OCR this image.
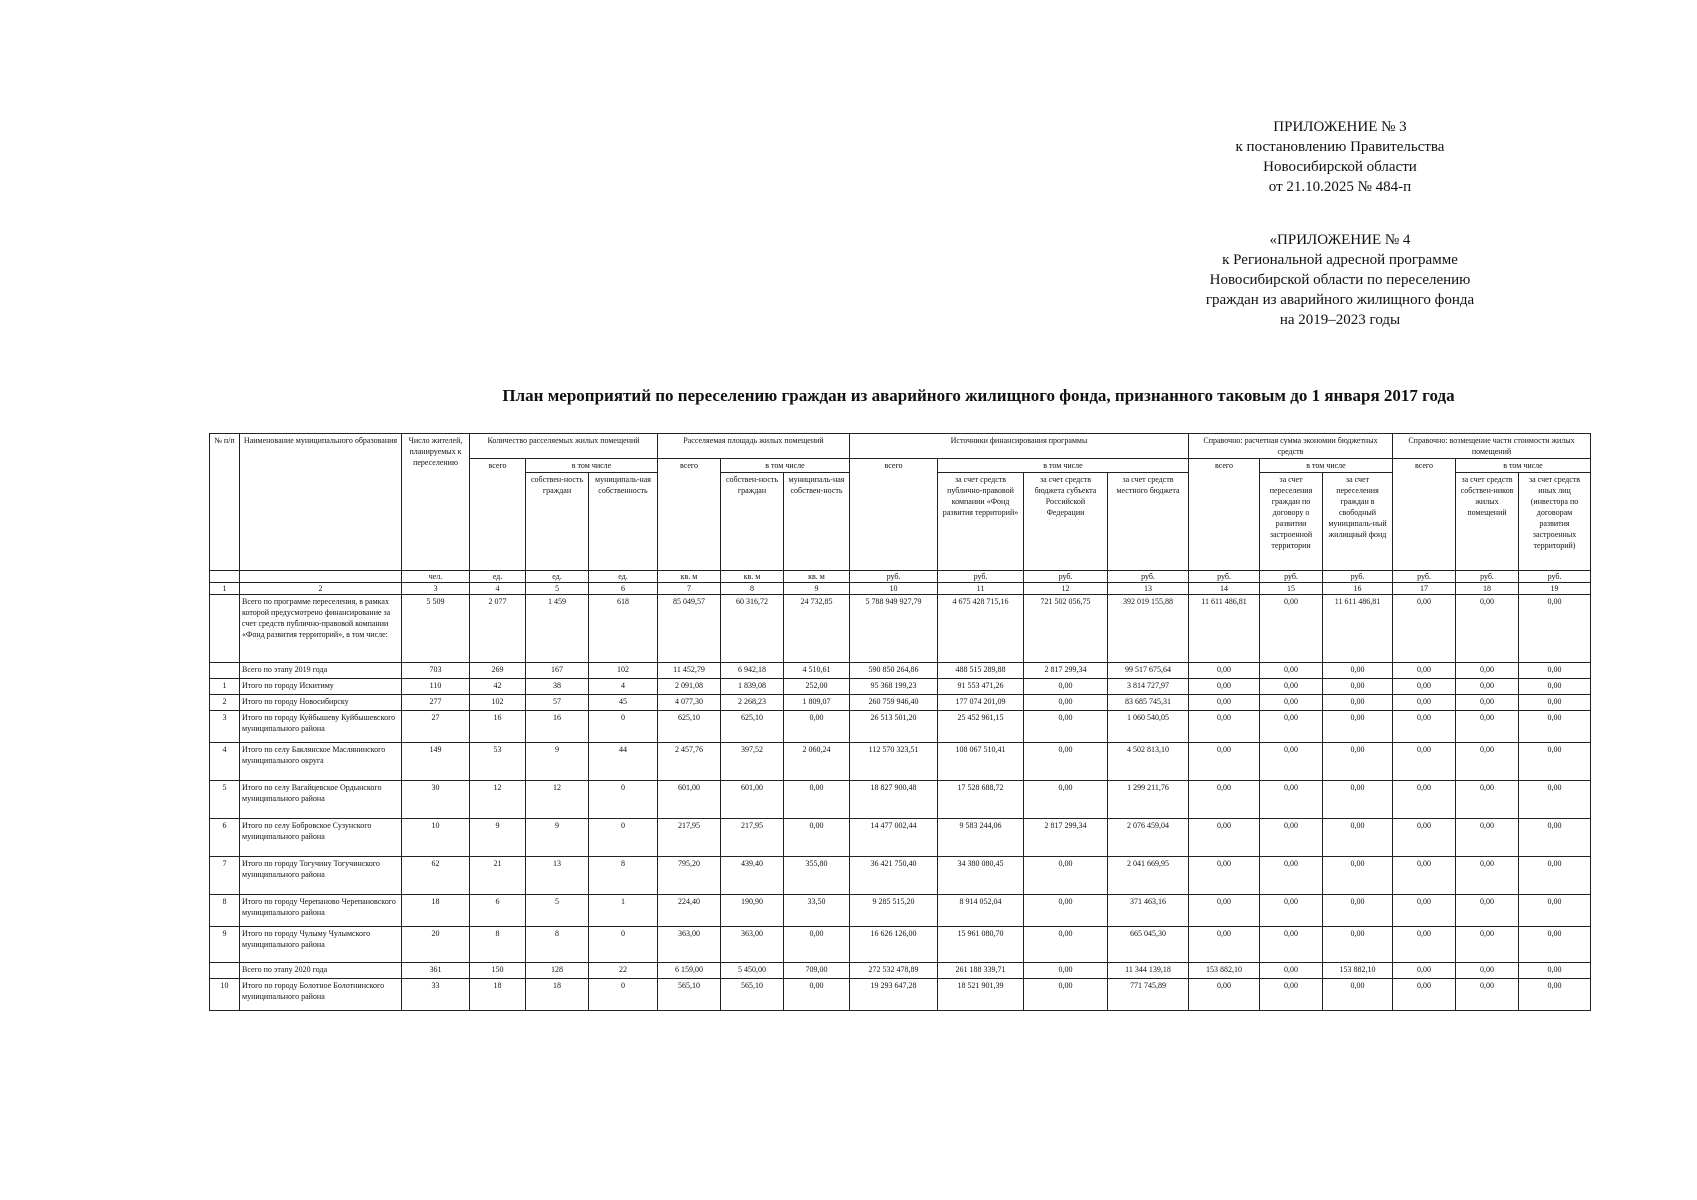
ПРИЛОЖЕНИЕ № 3
к постановлению Правительства
Новосибирской области
от 21.10.2025 № 484-п
«ПРИЛОЖЕНИЕ № 4
к Региональной адресной программе
Новосибирской области по переселению
граждан из аварийного жилищного фонда
на 2019–2023 годы
План мероприятий по переселению граждан из аварийного жилищного фонда, признанного таковым до 1 января 2017 года
№ п/п	Наименование муниципального образования	Число жителей, планируемых к переселению	Количество расселяемых жилых помещений			Расселяемая площадь жилых помещений			Источники финансирования программы				Справочно: расчетная сумма экономии бюджетных средств			Справочно: возмещение части стоимости жилых помещений		
			всего	в том числе		всего	в том числе		всего	в том числе			всего	в том числе		всего	в том числе	
				собствен-ность граждан	муниципаль-ная собственность		собствен-ность граждан	муниципаль-ная собствен-ность		за счет средств публично-правовой компании «Фонд развития территорий»	за счет средств бюджета субъекта Российской Федерации	за счет средств местного бюджета		за счет переселения граждан по договору о развитии застроенной территории	за счет переселения граждан в свободный муниципаль-ный жилищный фонд		за счет средств собствен-ников жилых помещений	за счет средств иных лиц (инвестора по договорам развития застроенных территорий)
		чел.	ед.	ед.	ед.	кв. м	кв. м	кв. м	руб.	руб.	руб.	руб.	руб.	руб.	руб.	руб.	руб.	руб.
1	2	3	4	5	6	7	8	9	10	11	12	13	14	15	16	17	18	19
	Всего по программе переселения, в рамках которой предусмотрено финансирование за счет средств публично-правовой компании «Фонд развития территорий», в том числе:	5 509	2 077	1 459	618	85 049,57	60 316,72	24 732,85	5 788 949 927,79	4 675 428 715,16	721 502 056,75	392 019 155,88	11 611 486,81	0,00	11 611 486,81	0,00	0,00	0,00
	Всего по этапу 2019 года	703	269	167	102	11 452,79	6 942,18	4 510,61	590 850 264,86	488 515 289,88	2 817 299,34	99 517 675,64	0,00	0,00	0,00	0,00	0,00	0,00
1	Итого по городу Искитиму	110	42	38	4	2 091,08	1 839,08	252,00	95 368 199,23	91 553 471,26	0,00	3 814 727,97	0,00	0,00	0,00	0,00	0,00	0,00
2	Итого по городу Новосибирску	277	102	57	45	4 077,30	2 268,23	1 809,07	260 759 946,40	177 074 201,09	0,00	83 685 745,31	0,00	0,00	0,00	0,00	0,00	0,00
3	Итого по городу Куйбышеву Куйбышевского муниципального района	27	16	16	0	625,10	625,10	0,00	26 513 501,20	25 452 961,15	0,00	1 060 540,05	0,00	0,00	0,00	0,00	0,00	0,00
4	Итого по селу Баклянское Маслянинского муниципального округа	149	53	9	44	2 457,76	397,52	2 060,24	112 570 323,51	108 067 510,41	0,00	4 502 813,10	0,00	0,00	0,00	0,00	0,00	0,00
5	Итого по селу Вагайцевское Ордынского муниципального района	30	12	12	0	601,00	601,00	0,00	18 827 900,48	17 528 688,72	0,00	1 299 211,76	0,00	0,00	0,00	0,00	0,00	0,00
6	Итого по селу Бобровское Сузунского муниципального района	10	9	9	0	217,95	217,95	0,00	14 477 002,44	9 583 244,06	2 817 299,34	2 076 459,04	0,00	0,00	0,00	0,00	0,00	0,00
7	Итого по городу Тогучину Тогучинского муниципального района	62	21	13	8	795,20	439,40	355,80	36 421 750,40	34 380 080,45	0,00	2 041 669,95	0,00	0,00	0,00	0,00	0,00	0,00
8	Итого по городу Черепаново Черепановского муниципального района	18	6	5	1	224,40	190,90	33,50	9 285 515,20	8 914 052,04	0,00	371 463,16	0,00	0,00	0,00	0,00	0,00	0,00
9	Итого по городу Чулыму Чулымского муниципального района	20	8	8	0	363,00	363,00	0,00	16 626 126,00	15 961 080,70	0,00	665 045,30	0,00	0,00	0,00	0,00	0,00	0,00
	Всего по этапу 2020 года	361	150	128	22	6 159,00	5 450,00	709,00	272 532 478,89	261 188 339,71	0,00	11 344 139,18	153 882,10	0,00	153 882,10	0,00	0,00	0,00
10	Итого по городу Болотное Болотнинского муниципального района	33	18	18	0	565,10	565,10	0,00	19 293 647,28	18 521 901,39	0,00	771 745,89	0,00	0,00	0,00	0,00	0,00	0,00
